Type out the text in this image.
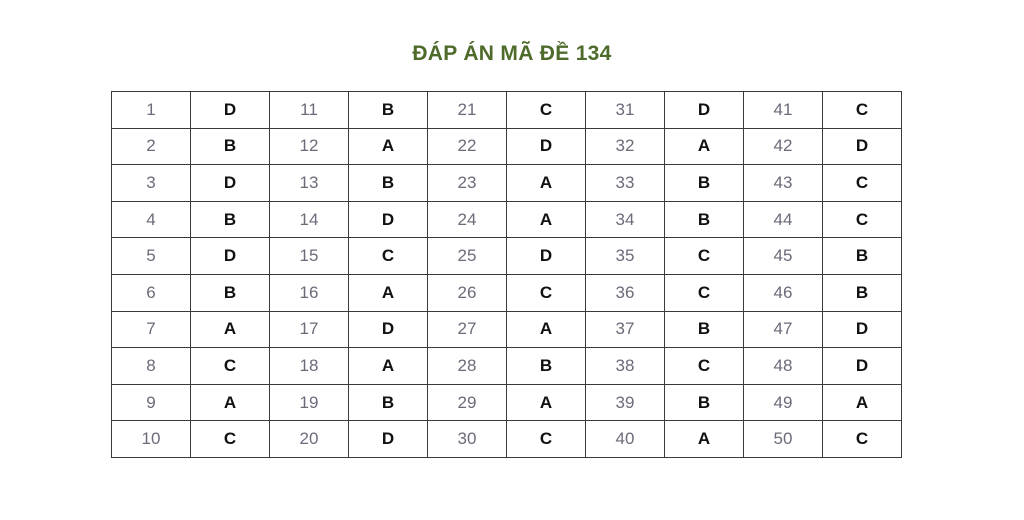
ĐÁP ÁN MÃ ĐỀ 134
1	D	11	B	21	C	31	D	41	C
2	B	12	A	22	D	32	A	42	D
3	D	13	B	23	A	33	B	43	C
4	B	14	D	24	A	34	B	44	C
5	D	15	C	25	D	35	C	45	B
6	B	16	A	26	C	36	C	46	B
7	A	17	D	27	A	37	B	47	D
8	C	18	A	28	B	38	C	48	D
9	A	19	B	29	A	39	B	49	A
10	C	20	D	30	C	40	A	50	C
